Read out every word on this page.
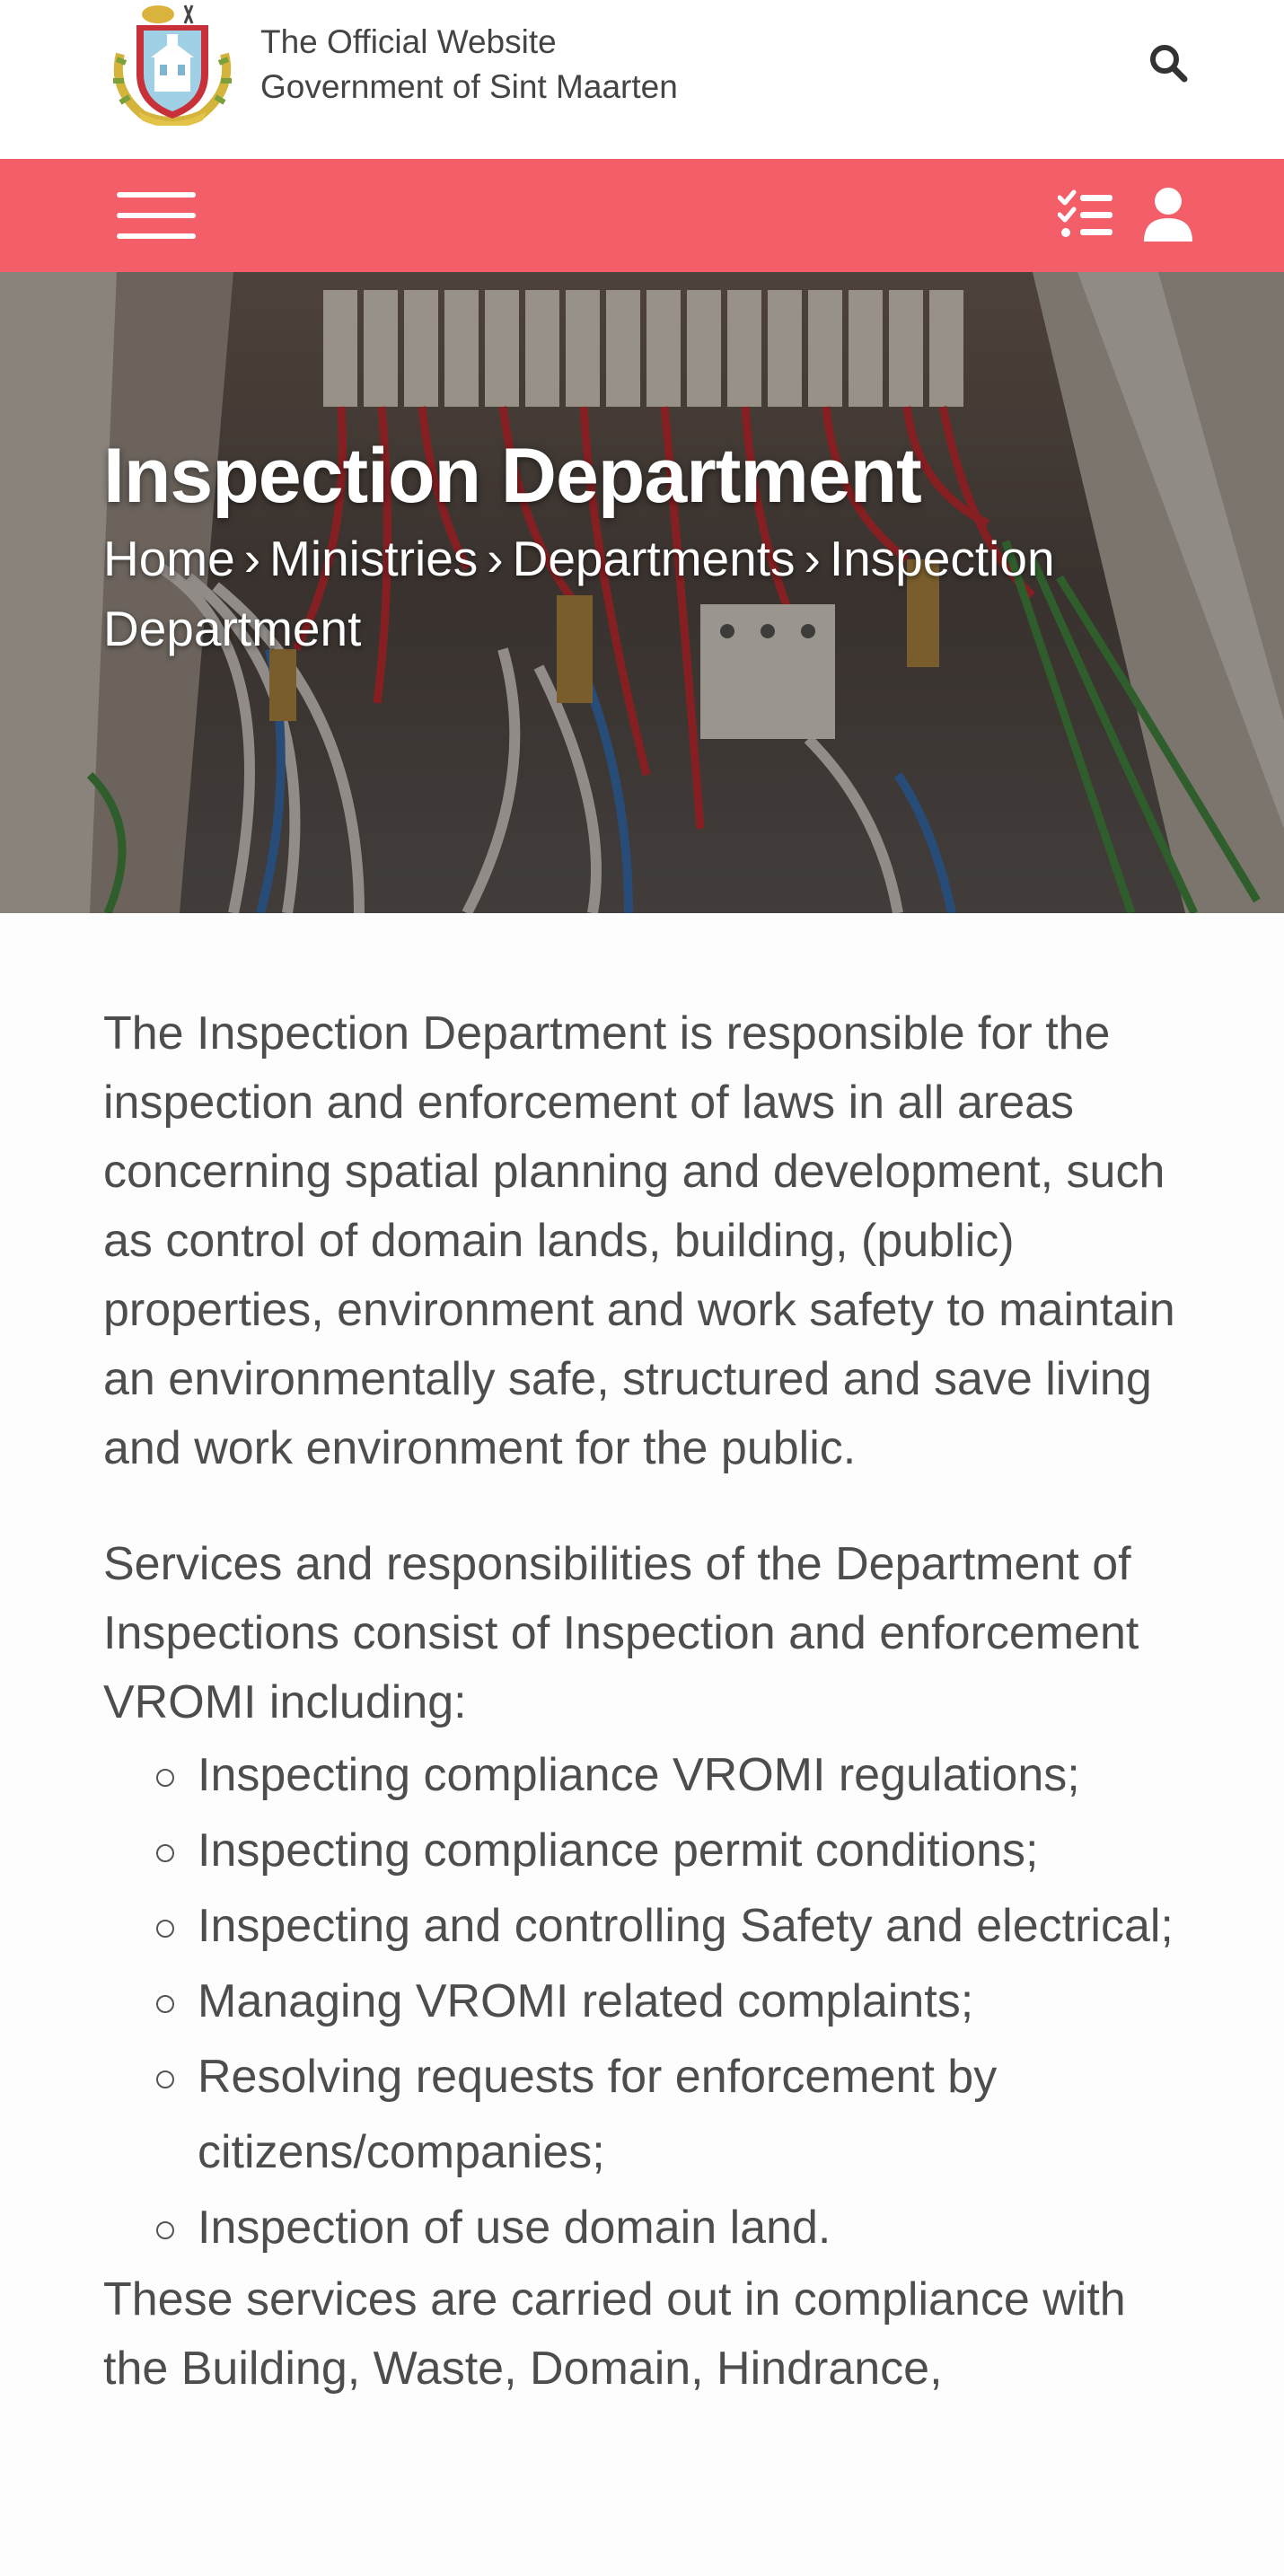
The Official Website
Government of Sint Maarten
Inspection Department
Home › Ministries › Departments › Inspection Department

The Inspection Department is responsible for the inspection and enforcement of laws in all areas concerning spatial planning and development, such as control of domain lands, building, (public) properties, environment and work safety to maintain an environmentally safe, structured and save living and work environment for the public.

Services and responsibilities of the Department of Inspections consist of Inspection and enforcement VROMI including:

Inspecting compliance VROMI regulations;
Inspecting compliance permit conditions;
Inspecting and controlling Safety and electrical;
Managing VROMI related complaints;
Resolving requests for enforcement by citizens/companies;
Inspection of use domain land.

These services are carried out in compliance with the Building, Waste, Domain, Hindrance,
